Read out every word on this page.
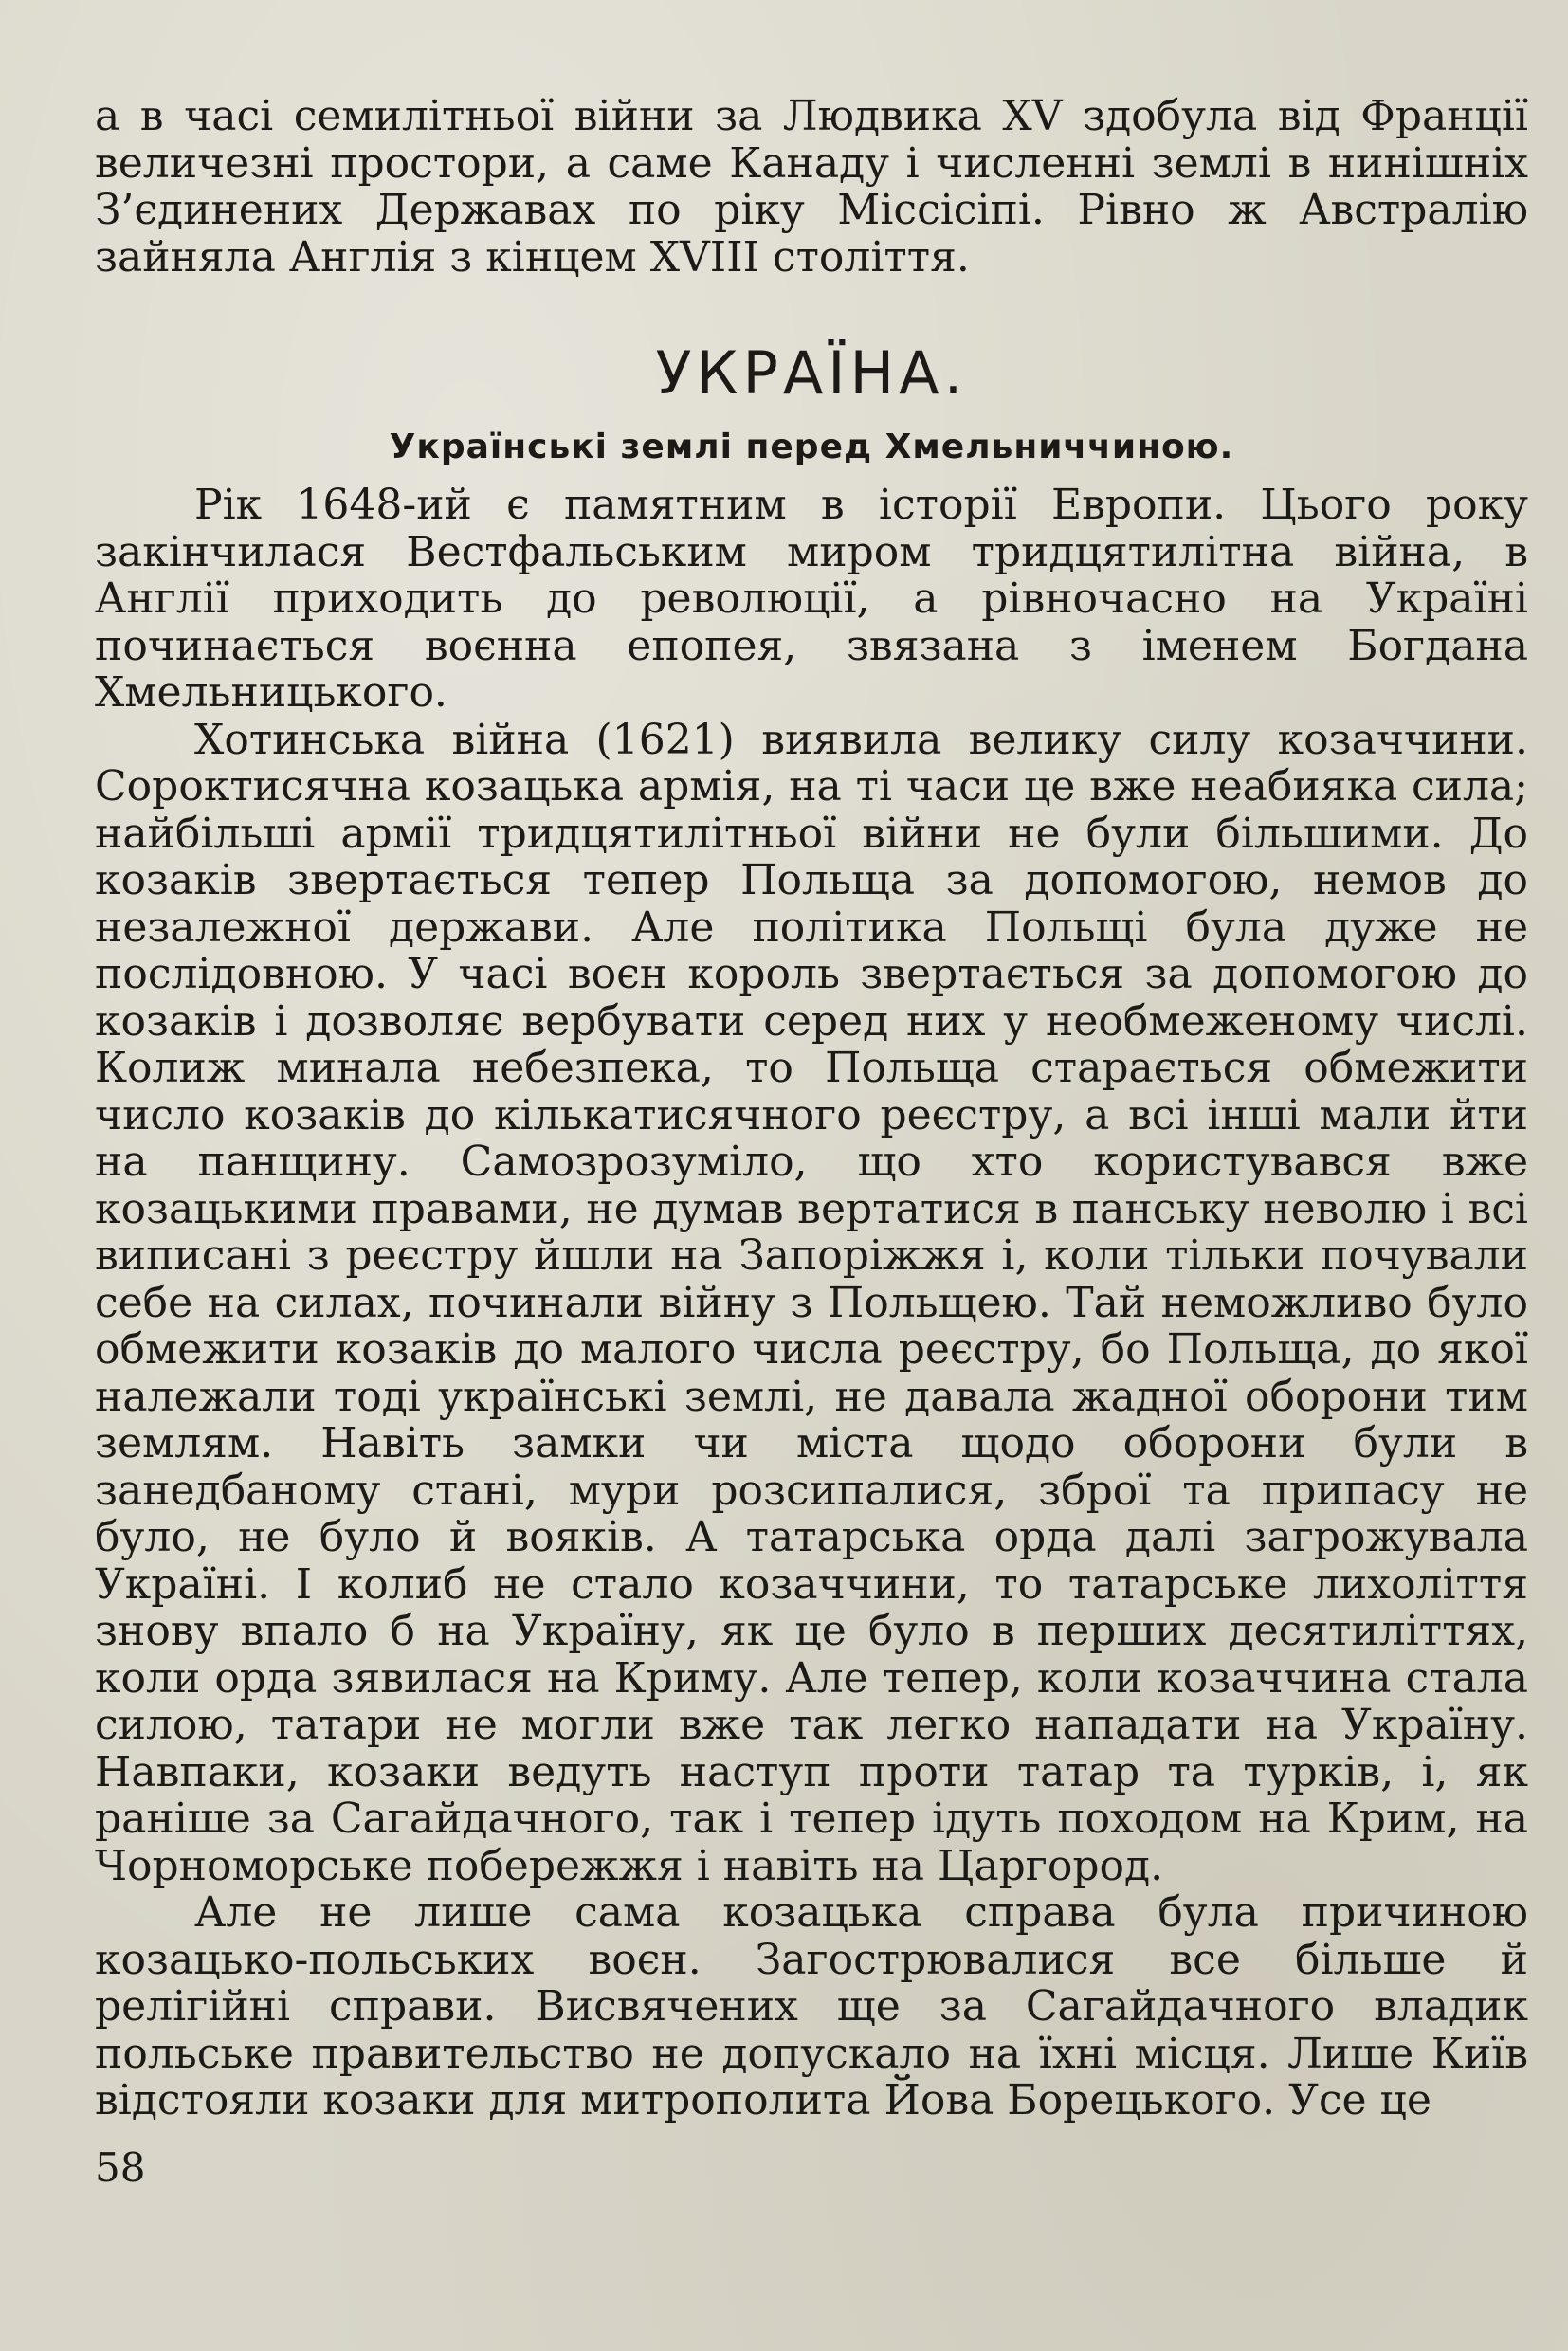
а в часі семилітньої війни за Людвика XV здобула від Франції величезні простори, а саме Канаду і численні землі в нинішніх З’єдинених Державах по ріку Міссісіпі. Рівно ж Австралію зайняла Англія з кінцем XVIII століття.

УКРАЇНА.
Українські землі перед Хмельниччиною.

Рік 1648-ий є памятним в історії Европи. Цього року закінчилася Вестфальським миром тридцятилітна війна, в Англії приходить до революції, а рівночасно на Україні починається воєнна епопея, звязана з іменем Богдана Хмельницького.

Хотинська війна (1621) виявила велику силу козаччини. Сороктисячна козацька армія, на ті часи це вже неабияка сила; найбільші армії тридцятилітньої війни не були більшими. До козаків звертається тепер Польща за допомогою, немов до незалежної держави. Але політика Польщі була дуже не послідовною. У часі воєн король звертається за допомогою до козаків і дозволяє вербувати серед них у необмеженому числі. Колиж минала небезпека, то Польща старається обмежити число козаків до кількатисячного реєстру, а всі інші мали йти на панщину. Самозрозуміло, що хто користувався вже козацькими правами, не думав вертатися в панську неволю і всі виписані з реєстру йшли на Запоріжжя і, коли тільки почували себе на силах, починали війну з Польщею. Тай неможливо було обмежити козаків до малого числа реєстру, бо Польща, до якої належали тоді українські землі, не давала жадної оборони тим землям. Навіть замки чи міста щодо оборони були в занедбаному стані, мури розсипалися, зброї та припасу не було, не було й вояків. А татарська орда далі загрожувала Україні. І колиб не стало козаччини, то татарське лихоліття знову впало б на Україну, як це було в перших десятиліттях, коли орда зявилася на Криму. Але тепер, коли козаччина стала силою, татари не могли вже так легко нападати на Україну. Навпаки, козаки ведуть наступ проти татар та турків, і, як раніше за Сагайдачного, так і тепер ідуть походом на Крим, на Чорноморське побережжя і навіть на Царгород.

Але не лише сама козацька справа була причиною козацько-польських воєн. Загострювалися все більше й релігійні справи. Висвячених ще за Сагайдачного владик польське правительство не допускало на їхні місця. Лише Київ відстояли козаки для митрополита Йова Борецького. Усе це

58
